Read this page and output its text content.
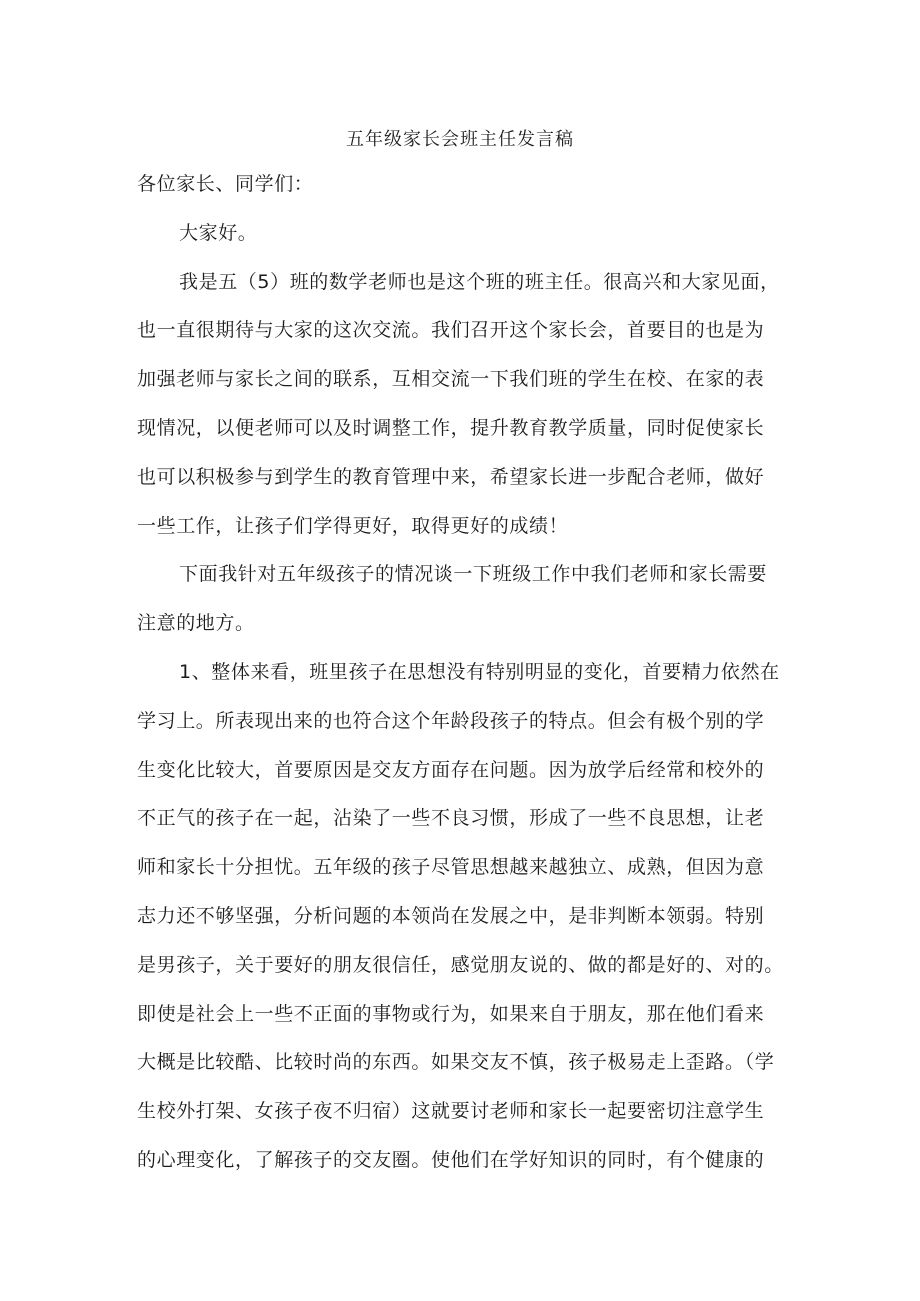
五年级家长会班主任发言稿
各位家长、同学们：
大家好。
我是五（5）班的数学老师也是这个班的班主任。很高兴和大家见面，
也一直很期待与大家的这次交流。我们召开这个家长会，首要目的也是为
加强老师与家长之间的联系，互相交流一下我们班的学生在校、在家的表
现情况，以便老师可以及时调整工作，提升教育教学质量，同时促使家长
也可以积极参与到学生的教育管理中来，希望家长进一步配合老师，做好
一些工作，让孩子们学得更好，取得更好的成绩！
下面我针对五年级孩子的情况谈一下班级工作中我们老师和家长需要
注意的地方。
1、整体来看，班里孩子在思想没有特别明显的变化，首要精力依然在
学习上。所表现出来的也符合这个年龄段孩子的特点。但会有极个别的学
生变化比较大，首要原因是交友方面存在问题。因为放学后经常和校外的
不正气的孩子在一起，沾染了一些不良习惯，形成了一些不良思想，让老
师和家长十分担忧。五年级的孩子尽管思想越来越独立、成熟，但因为意
志力还不够坚强，分析问题的本领尚在发展之中，是非判断本领弱。特别
是男孩子，关于要好的朋友很信任，感觉朋友说的、做的都是好的、对的。
即使是社会上一些不正面的事物或行为，如果来自于朋友，那在他们看来
大概是比较酷、比较时尚的东西。如果交友不慎，孩子极易走上歪路。（学
生校外打架、女孩子夜不归宿）这就要讨老师和家长一起要密切注意学生
的心理变化，了解孩子的交友圈。使他们在学好知识的同时，有个健康的
